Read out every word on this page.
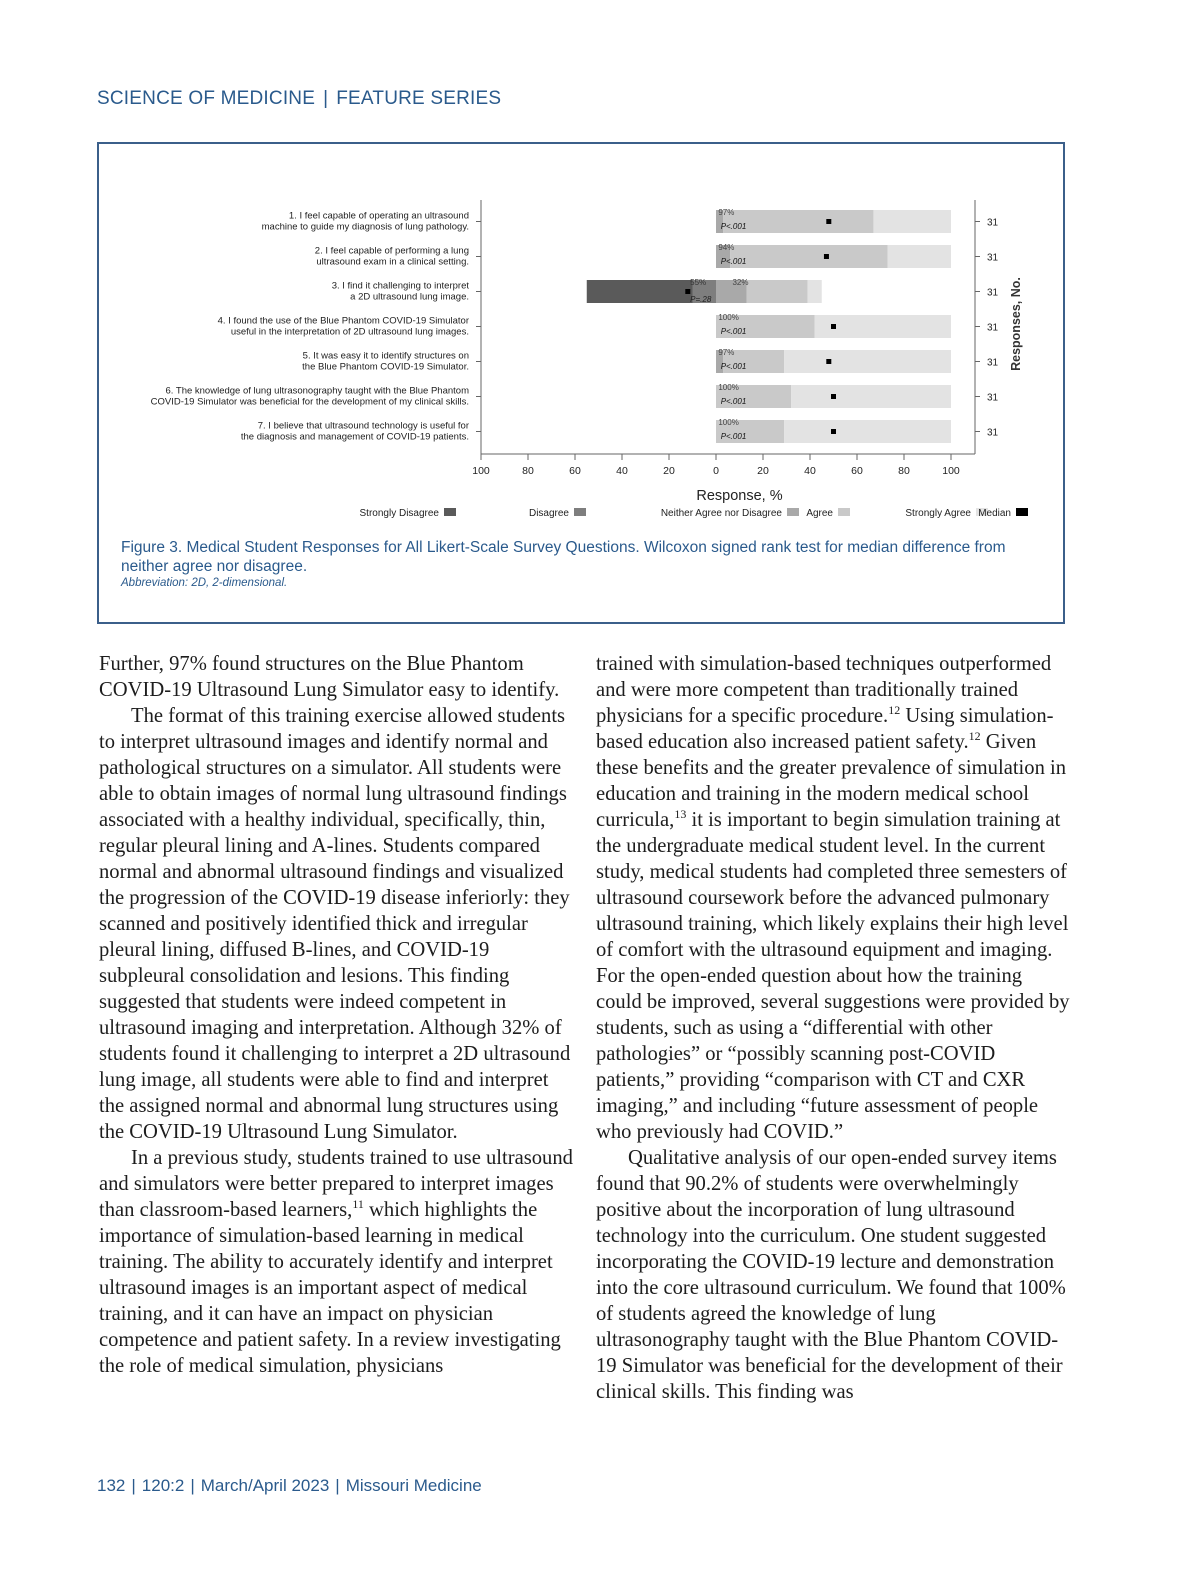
SCIENCE OF MEDICINE | FEATURE SERIES
100	80	60	40	20	0	20	40	60	80	100
Response, %
Responses, No.
1. I feel capable of operating an ultrasound
machine to guide my diagnosis of lung pathology.
97%
P<.001	31
2. I feel capable of performing a lung
ultrasound exam in a clinical setting.
94%
P<.001	31
3. I find it challenging to interpret
a 2D ultrasound lung image.
32%
55%
P=.28
31
4. I found the use of the Blue Phantom COVID-19 Simulator
useful in the interpretation of 2D ultrasound lung images.
100%
P<.001	31
5. It was easy it to identify structures on
the Blue Phantom COVID-19 Simulator.
97%
P<.001	31
6. The knowledge of lung ultrasonography taught with the Blue Phantom
COVID-19 Simulator was beneficial for the development of my clinical skills.
100%
P<.001	31
7. I believe that ultrasound technology is useful for
the diagnosis and management of COVID-19 patients.
100%
P<.001	31
Strongly Disagree	Disagree	Neither Agree nor Disagree Agree	Strongly Agree Median
Figure 3. Medical Student Responses for All Likert-Scale Survey Questions. Wilcoxon signed rank test for median difference from neither agree nor disagree.
Abbreviation: 2D, 2-dimensional.

Further, 97% found structures on the Blue Phantom COVID-19 Ultrasound Lung Simulator easy to identify.

The format of this training exercise allowed students to interpret ultrasound images and identify normal and pathological structures on a simulator. All students were able to obtain images of normal lung ultrasound findings associated with a healthy individual, specifically, thin, regular pleural lining and A-lines. Students compared normal and abnormal ultrasound findings and visualized the progression of the COVID-19 disease inferiorly: they scanned and positively identified thick and irregular pleural lining, diffused B-lines, and COVID-19 subpleural consolidation and lesions. This finding suggested that students were indeed competent in ultrasound imaging and interpretation. Although 32% of students found it challenging to interpret a 2D ultrasound lung image, all students were able to find and interpret the assigned normal and abnormal lung structures using the COVID-19 Ultrasound Lung Simulator.

In a previous study, students trained to use ultrasound and simulators were better prepared to interpret images than classroom-based learners,$^{11}$ which highlights the importance of simulation-based learning in medical training. The ability to accurately identify and interpret ultrasound images is an important aspect of medical training, and it can have an impact on physician competence and patient safety. In a review investigating the role of medical simulation, physicians

trained with simulation-based techniques outperformed and were more competent than traditionally trained physicians for a specific procedure.$^{12}$ Using simulation-based education also increased patient safety.$^{12}$ Given these benefits and the greater prevalence of simulation in education and training in the modern medical school curricula,$^{13}$ it is important to begin simulation training at the undergraduate medical student level. In the current study, medical students had completed three semesters of ultrasound coursework before the advanced pulmonary ultrasound training, which likely explains their high level of comfort with the ultrasound equipment and imaging. For the open-ended question about how the training could be improved, several suggestions were provided by students, such as using a “differential with other pathologies” or “possibly scanning post-COVID patients,” providing “comparison with CT and CXR imaging,” and including “future assessment of people who previously had COVID.”

Qualitative analysis of our open-ended survey items found that 90.2% of students were overwhelmingly positive about the incorporation of lung ultrasound technology into the curriculum. One student suggested incorporating the COVID-19 lecture and demonstration into the core ultrasound curriculum. We found that 100% of students agreed the knowledge of lung ultrasonography taught with the Blue Phantom COVID-19 Simulator was beneficial for the development of their clinical skills. This finding was

132 | 120:2 | March/April 2023 | Missouri Medicine
